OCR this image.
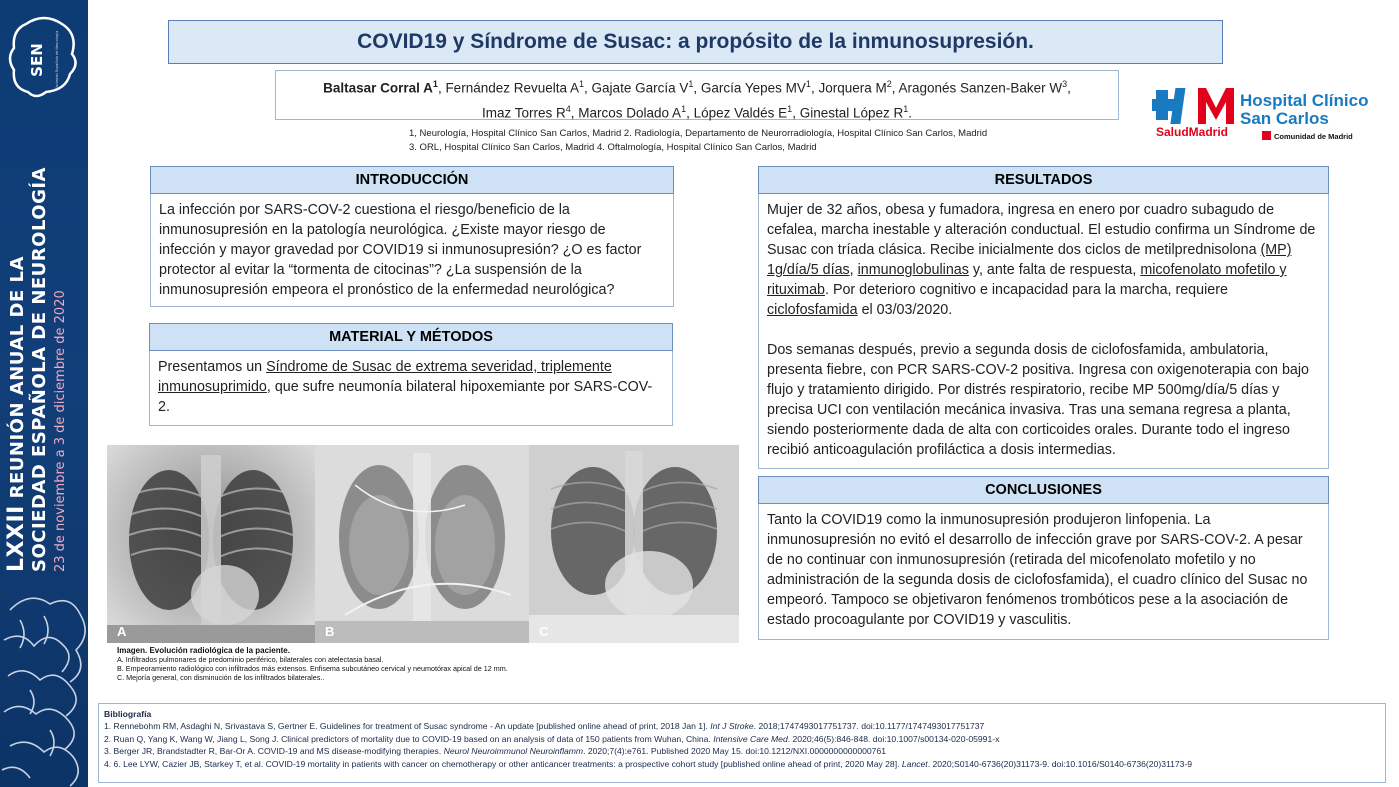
SEN	Sociedad Española de Neurología
LXXII REUNIÓN ANUAL DE LA SOCIEDAD ESPAÑOLA DE NEUROLOGÍA 23 de noviembre a 3 de diciembre de 2020
COVID19 y Síndrome de Susac: a propósito de la inmunosupresión.
Baltasar Corral $A^1$, Fernández Revuelta $A^1$, Gajate García $V^1$, García Yepes $MV^1$, Jorquera $M^2$, Aragonés Sanzen-Baker $W^3$,
Imaz Torres $R^4$, Marcos Dolado $A^1$, López Valdés $E^1$, Ginestal López $R^1$.
1, Neurología, Hospital Clínico San Carlos, Madrid 2. Radiología, Departamento de Neurorradiología, Hospital Clínico San Carlos, Madrid
3. ORL, Hospital Clínico San Carlos, Madrid 4. Oftalmología, Hospital Clínico San Carlos, Madrid
SaludMadrid
Hospital Clínico
San Carlos
Comunidad de Madrid
INTRODUCCIÓN
La infección por SARS-COV-2 cuestiona el riesgo/beneficio de la inmunosupresión en la patología neurológica. ¿Existe mayor riesgo de infección y mayor gravedad por COVID19 si inmunosupresión? ¿O es factor protector al evitar la “tormenta de citocinas”? ¿La suspensión de la inmunosupresión empeora el pronóstico de la enfermedad neurológica?
MATERIAL Y MÉTODOS
Presentamos un Síndrome de Susac de extrema severidad, triplemente inmunosuprimido, que sufre neumonía bilateral hipoxemiante por SARS-COV-2.
A	B	C
Imagen. Evolución radiológica de la paciente.
A. Infiltrados pulmonares de predominio periférico, bilaterales con atelectasia basal.
B. Empeoramiento radiológico con infiltrados más extensos. Enfisema subcutáneo cervical y neumotórax apical de 12 mm.
C. Mejoría general, con disminución de los infiltrados bilaterales..
RESULTADOS
Mujer de 32 años, obesa y fumadora, ingresa en enero por cuadro subagudo de cefalea, marcha inestable y alteración conductual. El estudio confirma un Síndrome de Susac con tríada clásica. Recibe inicialmente dos ciclos de metilprednisolona (MP) 1g/día/5 días, inmunoglobulinas y, ante falta de respuesta, micofenolato mofetilo y rituximab. Por deterioro cognitivo e incapacidad para la marcha, requiere ciclofosfamida el 03/03/2020.
Dos semanas después, previo a segunda dosis de ciclofosfamida, ambulatoria, presenta fiebre, con PCR SARS-COV-2 positiva. Ingresa con oxigenoterapia con bajo flujo y tratamiento dirigido. Por distrés respiratorio, recibe MP 500mg/día/5 días y precisa UCI con ventilación mecánica invasiva. Tras una semana regresa a planta, siendo posteriormente dada de alta con corticoides orales. Durante todo el ingreso recibió anticoagulación profiláctica a dosis intermedias.
CONCLUSIONES
Tanto la COVID19 como la inmunosupresión produjeron linfopenia. La inmunosupresión no evitó el desarrollo de infección grave por SARS-COV-2. A pesar de no continuar con inmunosupresión (retirada del micofenolato mofetilo y no administración de la segunda dosis de ciclofosfamida), el cuadro clínico del Susac no empeoró. Tampoco se objetivaron fenómenos trombóticos pese a la asociación de estado procoagulante por COVID19 y vasculitis.
Bibliografía
1. Rennebohm RM, Asdaghi N, Srivastava S, Gertner E. Guidelines for treatment of Susac syndrome - An update [published online ahead of print, 2018 Jan 1]. Int J Stroke. 2018;1747493017751737. doi:10.1177/1747493017751737
2. Ruan Q, Yang K, Wang W, Jiang L, Song J. Clinical predictors of mortality due to COVID-19 based on an analysis of data of 150 patients from Wuhan, China. Intensive Care Med. 2020;46(5):846-848. doi:10.1007/s00134-020-05991-x
3. Berger JR, Brandstadter R, Bar-Or A. COVID-19 and MS disease-modifying therapies. Neurol Neuroimmunol Neuroinflamm. 2020;7(4):e761. Published 2020 May 15. doi:10.1212/NXI.0000000000000761
4. 6. Lee LYW, Cazier JB, Starkey T, et al. COVID-19 mortality in patients with cancer on chemotherapy or other anticancer treatments: a prospective cohort study [published online ahead of print, 2020 May 28]. Lancet. 2020;S0140-6736(20)31173-9. doi:10.1016/S0140-6736(20)31173-9
